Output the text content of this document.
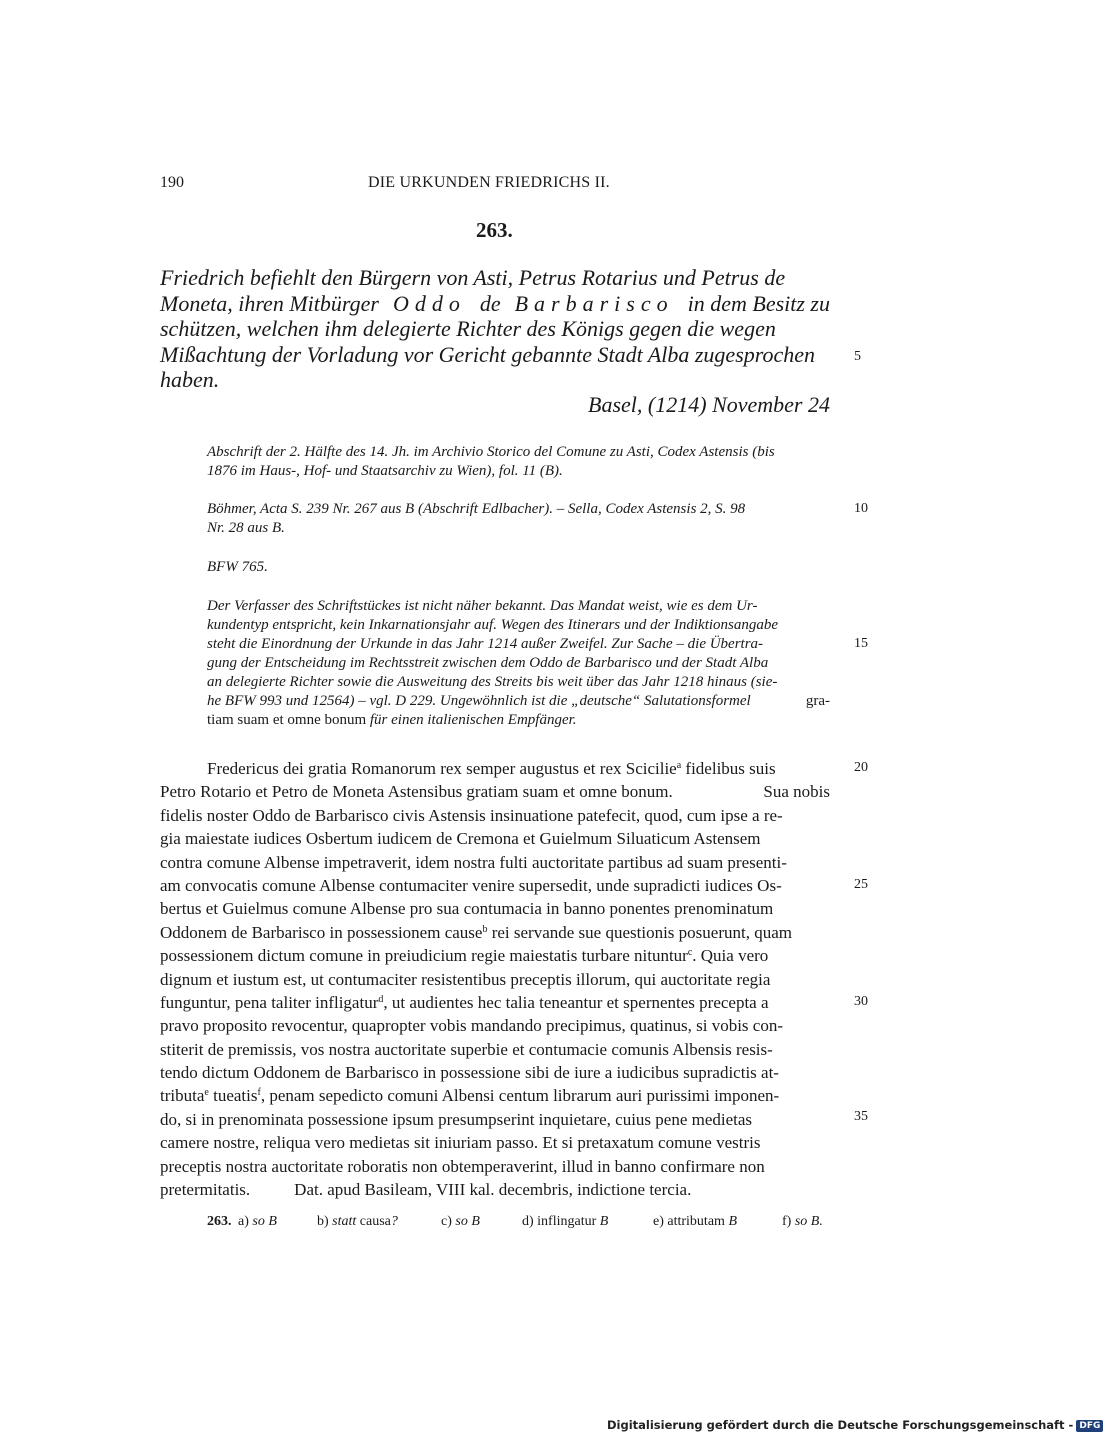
190	DIE URKUNDEN FRIEDRICHS II.
263.
Friedrich befiehlt den Bürgern von Asti, Petrus Rotarius und Petrus de
Moneta, ihren Mitbürger Oddo de Barbarisco in dem Besitz zu
schützen, welchen ihm delegierte Richter des Königs gegen die wegen
Mißachtung der Vorladung vor Gericht gebannte Stadt Alba zugesprochen
haben.
5
Basel, (1214) November 24
Abschrift der 2. Hälfte des 14. Jh. im Archivio Storico del Comune zu Asti, Codex Astensis (bis
1876 im Haus-, Hof- und Staatsarchiv zu Wien), fol. 11 (B).
Böhmer, Acta S. 239 Nr. 267 aus B (Abschrift Edlbacher). – Sella, Codex Astensis 2, S. 98
Nr. 28 aus B.
10
BFW 765.
Der Verfasser des Schriftstückes ist nicht näher bekannt. Das Mandat weist, wie es dem Ur-
kundentyp entspricht, kein Inkarnationsjahr auf. Wegen des Itinerars und der Indiktionsangabe
steht die Einordnung der Urkunde in das Jahr 1214 außer Zweifel. Zur Sache – die Übertra-
gung der Entscheidung im Rechtsstreit zwischen dem Oddo de Barbarisco und der Stadt Alba
an delegierte Richter sowie die Ausweitung des Streits bis weit über das Jahr 1218 hinaus (sie-
he BFW 993 und 12564) – vgl. D 229. Ungewöhnlich ist die „deutsche“ Salutationsformel	gra-
tiam suam et omne bonum für einen italienischen Empfänger.
15
Fredericus dei gratia Romanorum rex semper augustus et rex Scicilie$^a$ fidelibus suis
Petro Rotario et Petro de Moneta Astensibus gratiam suam et omne bonum.	Sua nobis
fidelis noster Oddo de Barbarisco civis Astensis insinuatione patefecit, quod, cum ipse a re-
gia maiestate iudices Osbertum iudicem de Cremona et Guielmum Siluaticum Astensem
contra comune Albense impetraverit, idem nostra fulti auctoritate partibus ad suam presenti-
am convocatis comune Albense contumaciter venire supersedit, unde supradicti iudices Os-
bertus et Guielmus comune Albense pro sua contumacia in banno ponentes prenominatum
Oddonem de Barbarisco in possessionem cause$^b$ rei servande sue questionis posuerunt, quam
possessionem dictum comune in preiudicium regie maiestatis turbare nituntur$^c$. Quia vero
dignum et iustum est, ut contumaciter resistentibus preceptis illorum, qui auctoritate regia
funguntur, pena taliter infligatur$^d$, ut audientes hec talia teneantur et spernentes precepta a
pravo proposito revocentur, quapropter vobis mandando precipimus, quatinus, si vobis con-
stiterit de premissis, vos nostra auctoritate superbie et contumacie comunis Albensis resis-
tendo dictum Oddonem de Barbarisco in possessione sibi de iure a iudicibus supradictis at-
tributa$^e$ tueatis$^f$, penam sepedicto comuni Albensi centum librarum auri purissimi imponen-
do, si in prenominata possessione ipsum presumpserint inquietare, cuius pene medietas
camere nostre, reliqua vero medietas sit iniuriam passo. Et si pretaxatum comune vestris
preceptis nostra auctoritate roboratis non obtemperaverint, illud in banno confirmare non
pretermitatis.	Dat. apud Basileam, VIII kal. decembris, indictione tercia.
20
25
30
35
263. a) so B	b) statt causa?	c) so B	d) inflingatur B	e) attributam B	f) so B.
Digitalisierung gefördert durch die Deutsche Forschungsgemeinschaft - DFG
